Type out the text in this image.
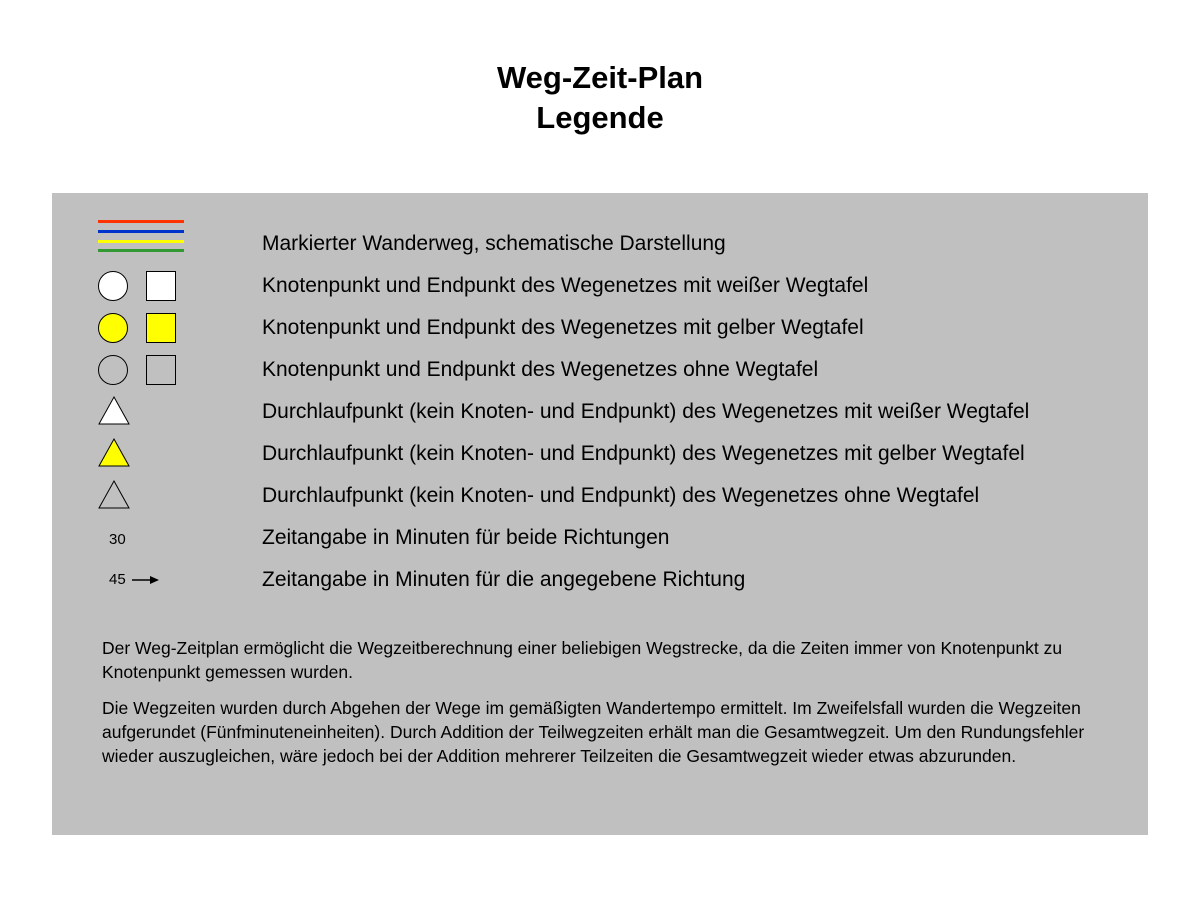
Weg-Zeit-Plan
Legende
Markierter Wanderweg, schematische Darstellung
Knotenpunkt und Endpunkt des Wegenetzes mit weißer Wegtafel
Knotenpunkt und Endpunkt des Wegenetzes mit gelber Wegtafel
Knotenpunkt und Endpunkt des Wegenetzes ohne Wegtafel
Durchlaufpunkt (kein Knoten- und Endpunkt) des Wegenetzes mit weißer Wegtafel
Durchlaufpunkt (kein Knoten- und Endpunkt) des Wegenetzes mit gelber Wegtafel
Durchlaufpunkt (kein Knoten- und Endpunkt) des Wegenetzes ohne Wegtafel
30	Zeitangabe in Minuten für beide Richtungen
45	Zeitangabe in Minuten für die angegebene Richtung

Der Weg-Zeitplan ermöglicht die Wegzeitberechnung einer beliebigen Wegstrecke, da die Zeiten immer von Knotenpunkt zu Knotenpunkt gemessen wurden.

Die Wegzeiten wurden durch Abgehen der Wege im gemäßigten Wandertempo ermittelt. Im Zweifelsfall wurden die Wegzeiten aufgerundet (Fünfminuteneinheiten). Durch Addition der Teilwegzeiten erhält man die Gesamtwegzeit. Um den Rundungsfehler wieder auszugleichen, wäre jedoch bei der Addition mehrerer Teilzeiten die Gesamtwegzeit wieder etwas abzurunden.
